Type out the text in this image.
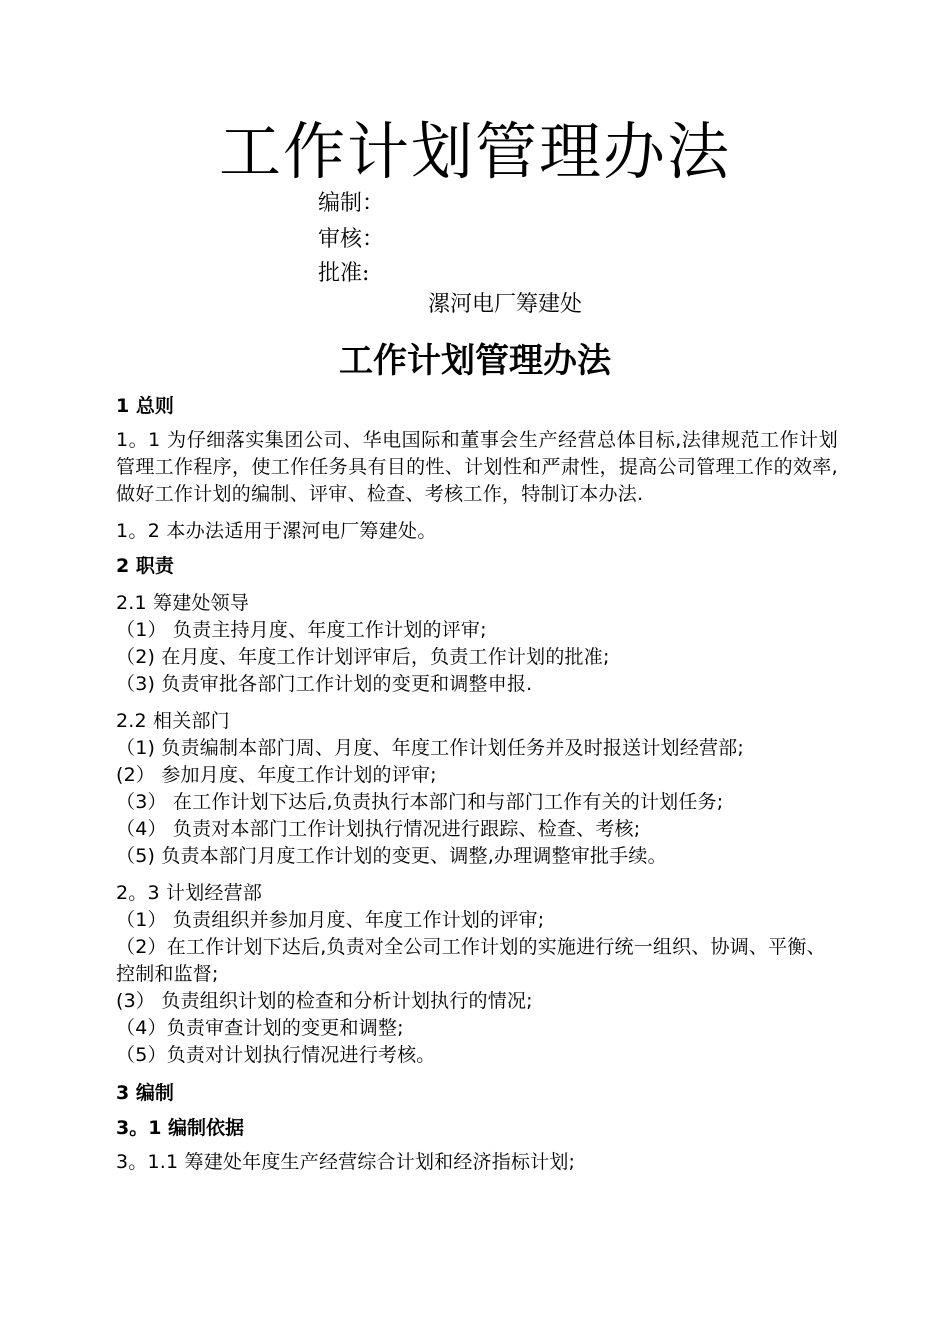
工作计划管理办法
编制：
审核：
批准:
漯河电厂筹建处
工作计划管理办法

1 总则

1。1 为仔细落实集团公司、华电国际和董事会生产经营总体目标,法律规范工作计划管理工作程序，使工作任务具有目的性、计划性和严肃性，提高公司管理工作的效率,做好工作计划的编制、评审、检查、考核工作，特制订本办法.

1。2 本办法适用于漯河电厂筹建处。

2 职责

2.1 筹建处领导

（1） 负责主持月度、年度工作计划的评审;

（2) 在月度、年度工作计划评审后，负责工作计划的批准;

（3) 负责审批各部门工作计划的变更和调整申报.

2.2 相关部门

（1) 负责编制本部门周、月度、年度工作计划任务并及时报送计划经营部;

(2） 参加月度、年度工作计划的评审;

（3） 在工作计划下达后,负责执行本部门和与部门工作有关的计划任务;

（4） 负责对本部门工作计划执行情况进行跟踪、检查、考核;

（5) 负责本部门月度工作计划的变更、调整,办理调整审批手续。

2。3 计划经营部

（1） 负责组织并参加月度、年度工作计划的评审;

（2）在工作计划下达后,负责对全公司工作计划的实施进行统一组织、协调、平衡、控制和监督;

(3） 负责组织计划的检查和分析计划执行的情况;

（4）负责审查计划的变更和调整;

（5）负责对计划执行情况进行考核。

3 编制

3。1 编制依据

3。1.1 筹建处年度生产经营综合计划和经济指标计划;
